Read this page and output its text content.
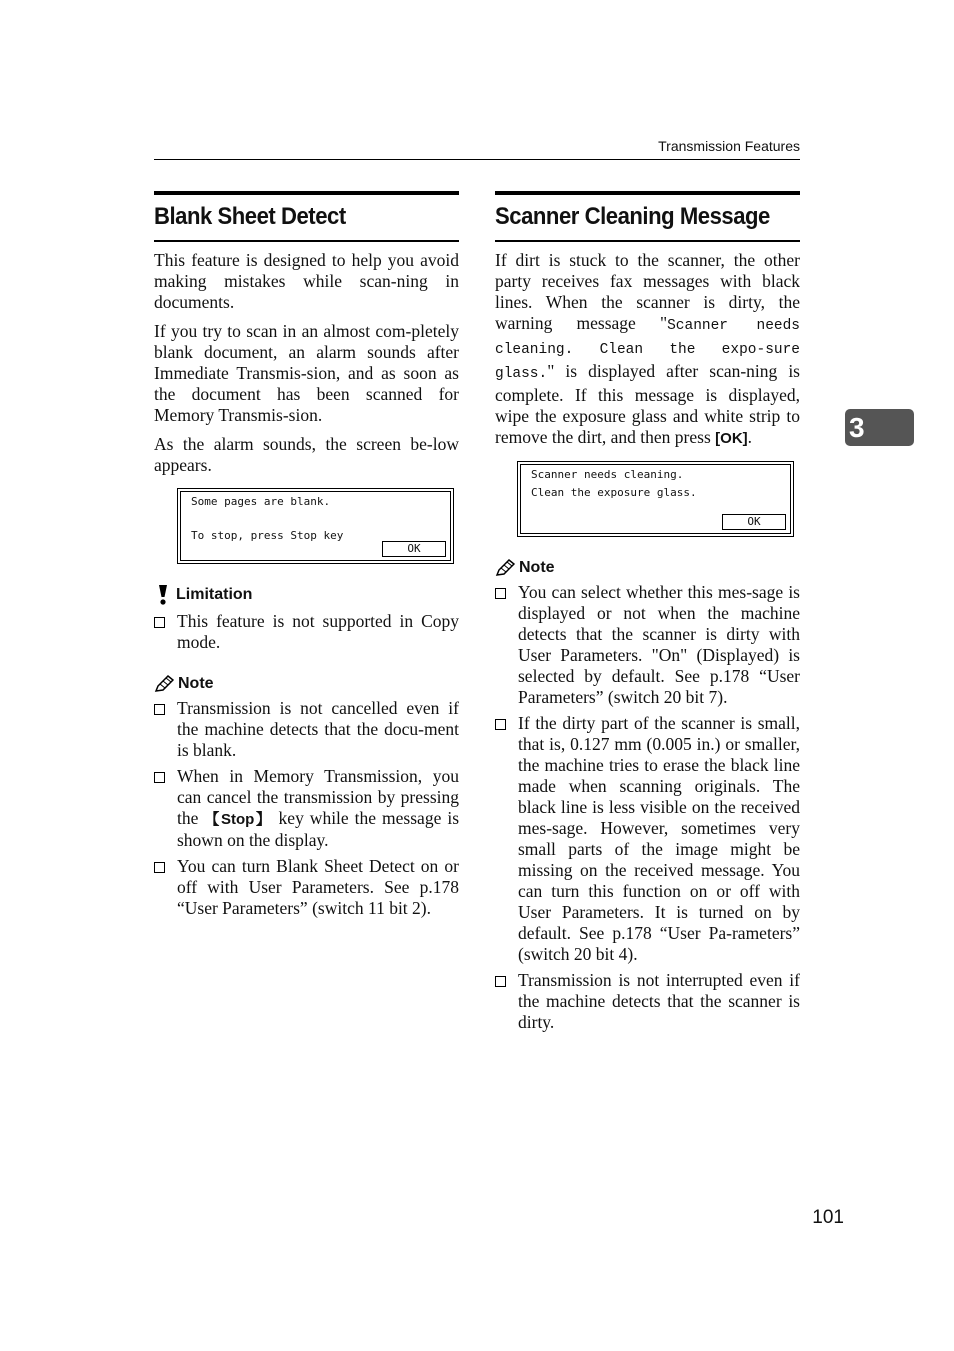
Transmission Features
Blank Sheet Detect

This feature is designed to help you avoid making mistakes while scan-ning in documents.

If you try to scan in an almost com-pletely blank document, an alarm sounds after Immediate Transmis-sion, and as soon as the document has been scanned for Memory Transmis-sion.

As the alarm sounds, the screen be-low appears.

Some pages are blank.
To stop, press Stop key
OK
Limitation
This feature is not supported in Copy mode.
Note
Transmission is not cancelled even if the machine detects that the docu-ment is blank.
When in Memory Transmission, you can cancel the transmission by pressing the 【Stop】 key while the message is shown on the display.
You can turn Blank Sheet Detect on or off with User Parameters. See p.178 “User Parameters” (switch 11 bit 2).
Scanner Cleaning Message

If dirt is stuck to the scanner, the other party receives fax messages with black lines. When the scanner is dirty, the warning message "Scanner needs cleaning. Clean the expo-sure glass." is displayed after scan-ning is complete. If this message is displayed, wipe the exposure glass and white strip to remove the dirt, and then press [OK].

Scanner needs cleaning.
Clean the exposure glass.
OK
Note
You can select whether this mes-sage is displayed or not when the machine detects that the scanner is dirty with User Parameters. "On" (Displayed) is selected by default. See p.178 “User Parameters” (switch 20 bit 7).
If the dirty part of the scanner is small, that is, 0.127 mm (0.005 in.) or smaller, the machine tries to erase the black line made when scanning originals. The black line is less visible on the received mes-sage. However, sometimes very small parts of the image might be missing on the received message. You can turn this function on or off with User Parameters. It is turned on by default. See p.178 “User Pa-rameters” (switch 20 bit 4).
Transmission is not interrupted even if the machine detects that the scanner is dirty.
3
101
